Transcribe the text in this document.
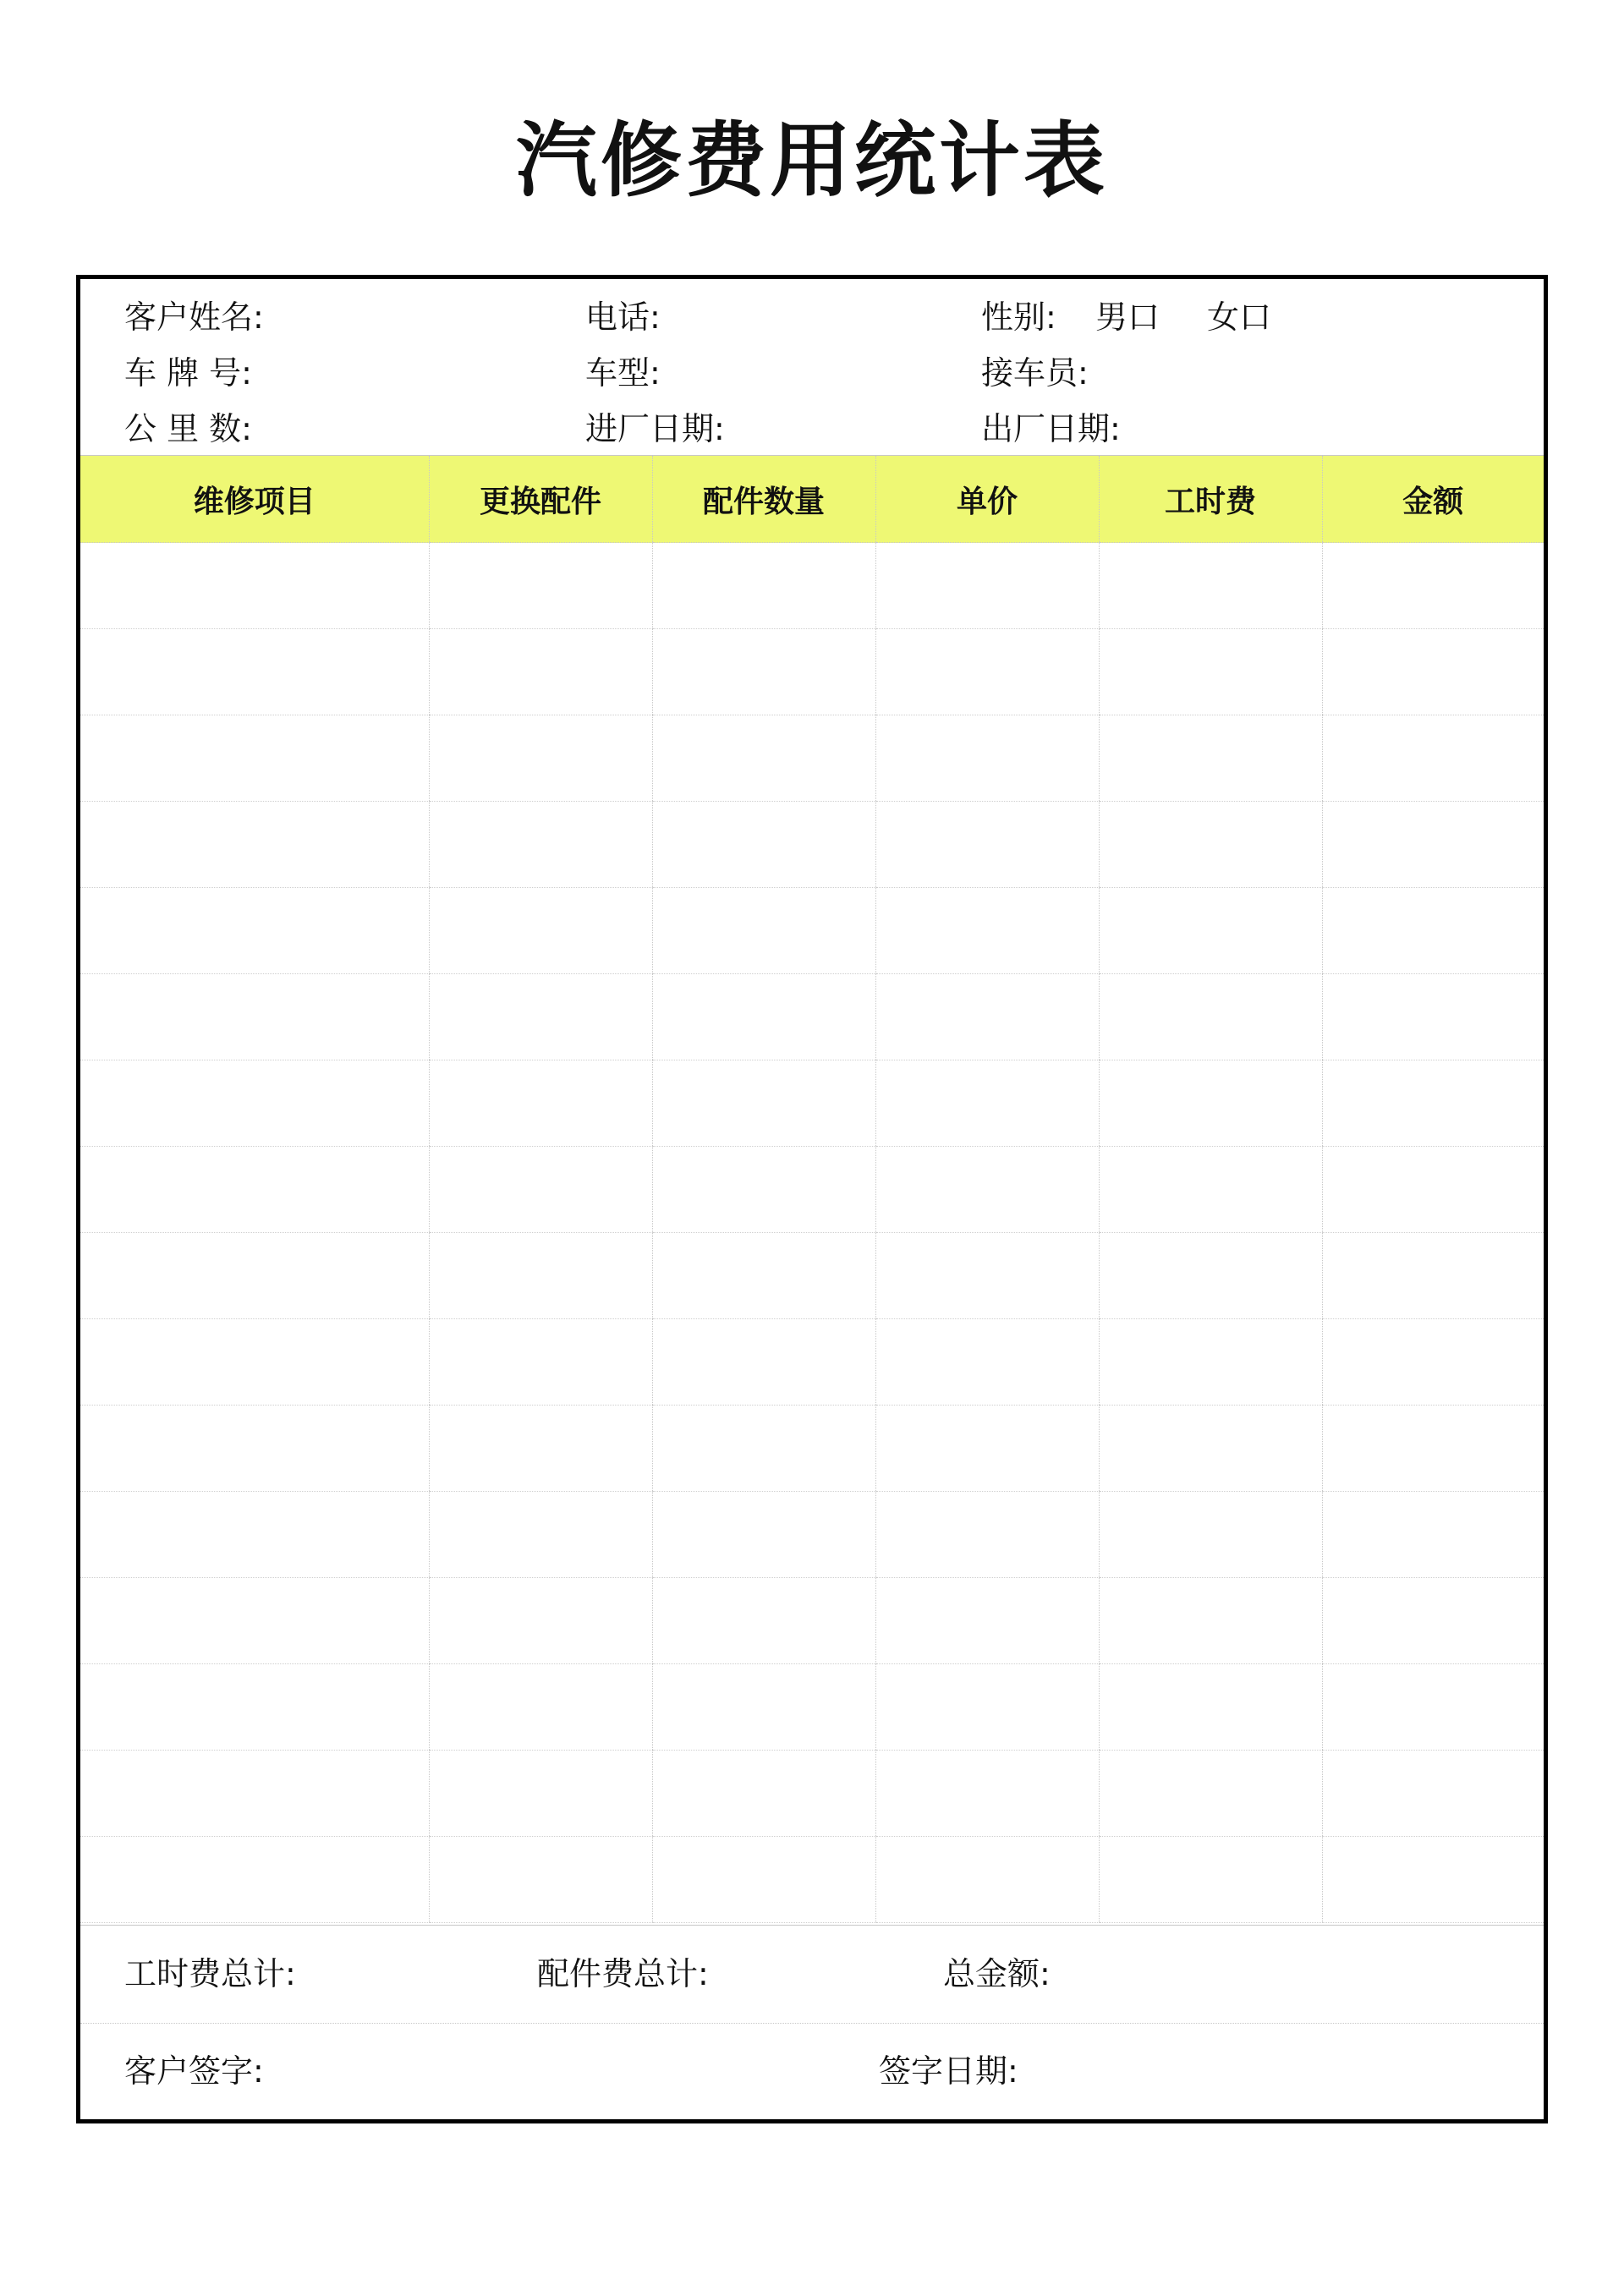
汽修费用统计表
客户姓名:	电话:	性别: 男口 女口
车 牌 号:	车型:	接车员:
公 里 数:	进厂日期:	出厂日期:
维修项目	更换配件	配件数量	单价	工时费	金额

工时费总计:	配件费总计:	总金额:
客户签字:	签字日期:
